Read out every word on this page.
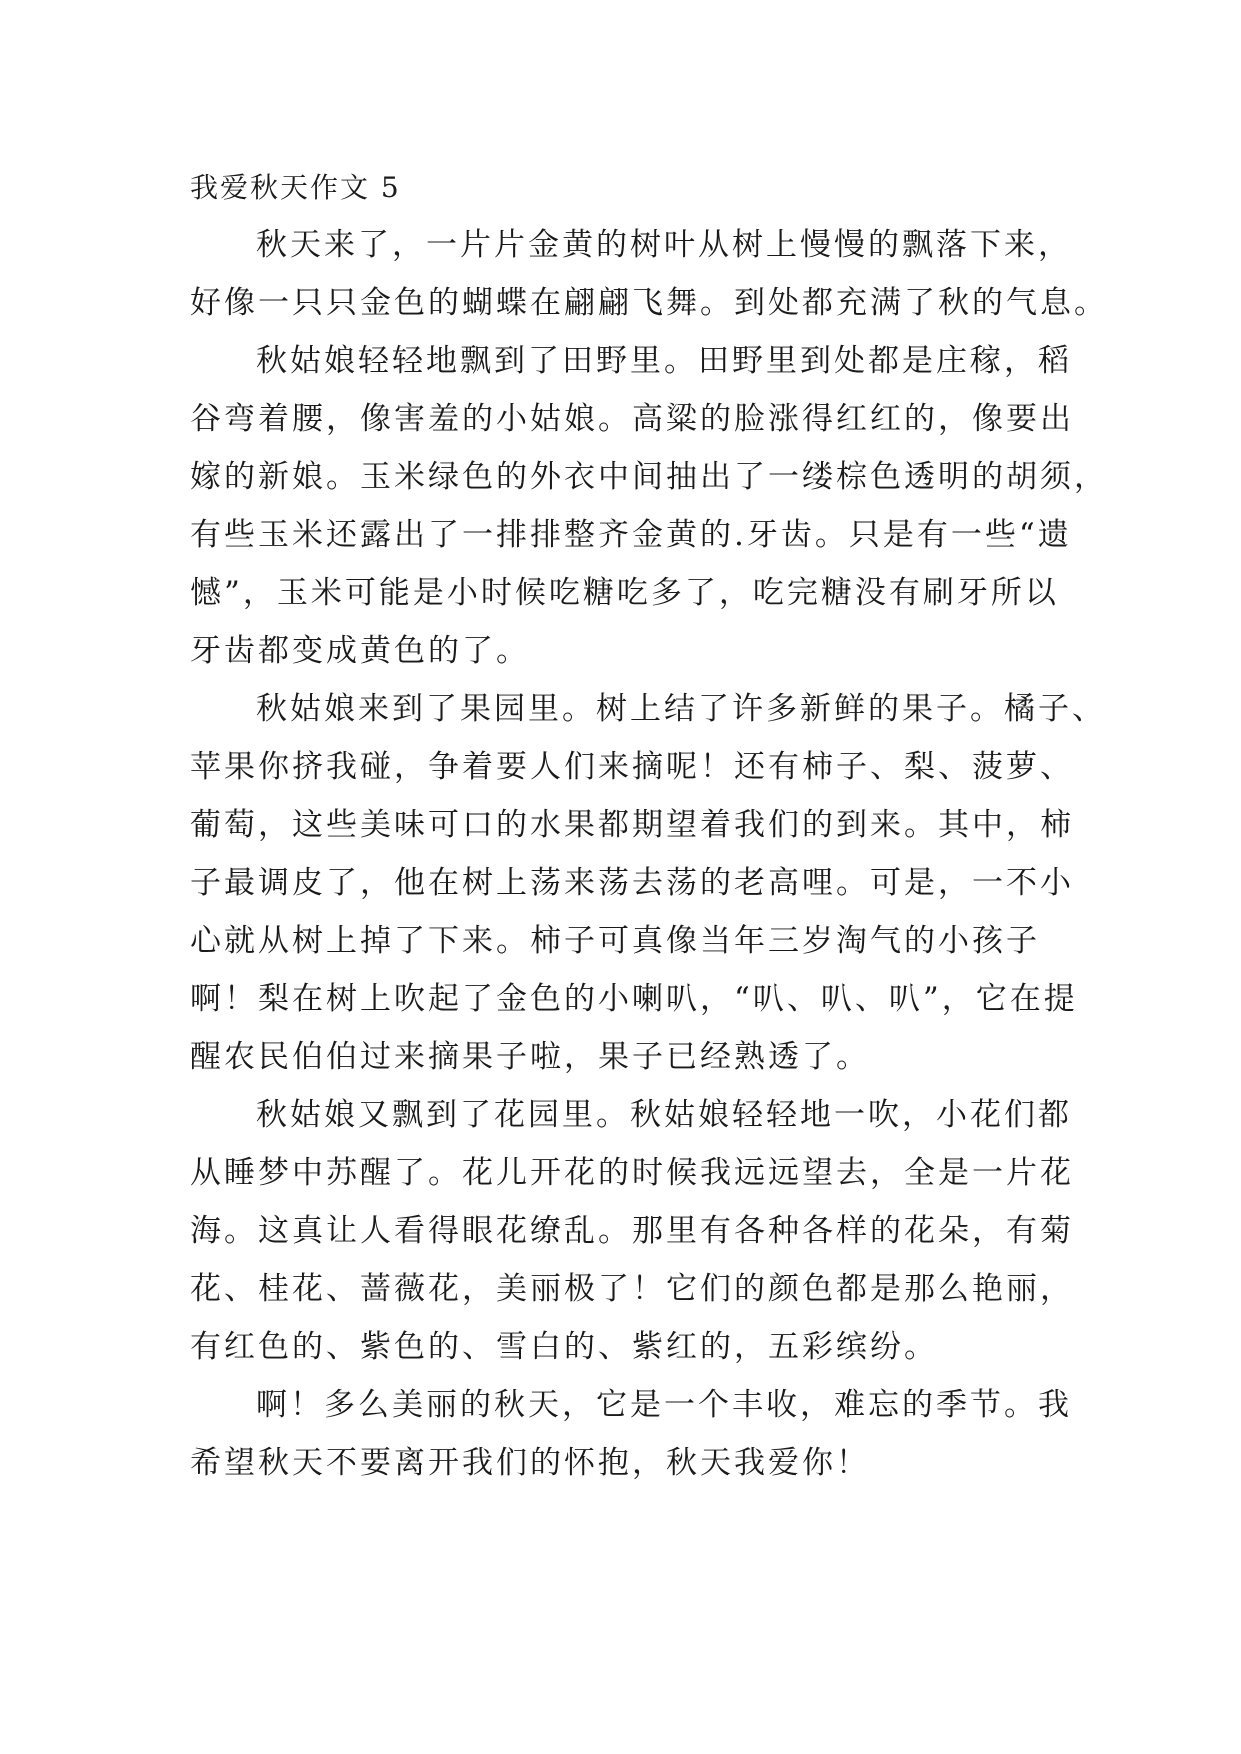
我爱秋天作文 5

秋天来了，一片片金黄的树叶从树上慢慢的飘落下来，
好像一只只金色的蝴蝶在翩翩飞舞。到处都充满了秋的气息。

秋姑娘轻轻地飘到了田野里。田野里到处都是庄稼，稻
谷弯着腰，像害羞的小姑娘。高粱的脸涨得红红的，像要出
嫁的新娘。玉米绿色的外衣中间抽出了一缕棕色透明的胡须，
有些玉米还露出了一排排整齐金黄的.牙齿。只是有一些“遗
憾”，玉米可能是小时候吃糖吃多了，吃完糖没有刷牙所以
牙齿都变成黄色的了。

秋姑娘来到了果园里。树上结了许多新鲜的果子。橘子、
苹果你挤我碰，争着要人们来摘呢！还有柿子、梨、菠萝、
葡萄，这些美味可口的水果都期望着我们的到来。其中，柿
子最调皮了，他在树上荡来荡去荡的老高哩。可是，一不小
心就从树上掉了下来。柿子可真像当年三岁淘气的小孩子
啊！梨在树上吹起了金色的小喇叭，“叭、叭、叭”，它在提
醒农民伯伯过来摘果子啦，果子已经熟透了。

秋姑娘又飘到了花园里。秋姑娘轻轻地一吹，小花们都
从睡梦中苏醒了。花儿开花的时候我远远望去，全是一片花
海。这真让人看得眼花缭乱。那里有各种各样的花朵，有菊
花、桂花、蔷薇花，美丽极了！它们的颜色都是那么艳丽，
有红色的、紫色的、雪白的、紫红的，五彩缤纷。

啊！多么美丽的秋天，它是一个丰收，难忘的季节。我
希望秋天不要离开我们的怀抱，秋天我爱你！
